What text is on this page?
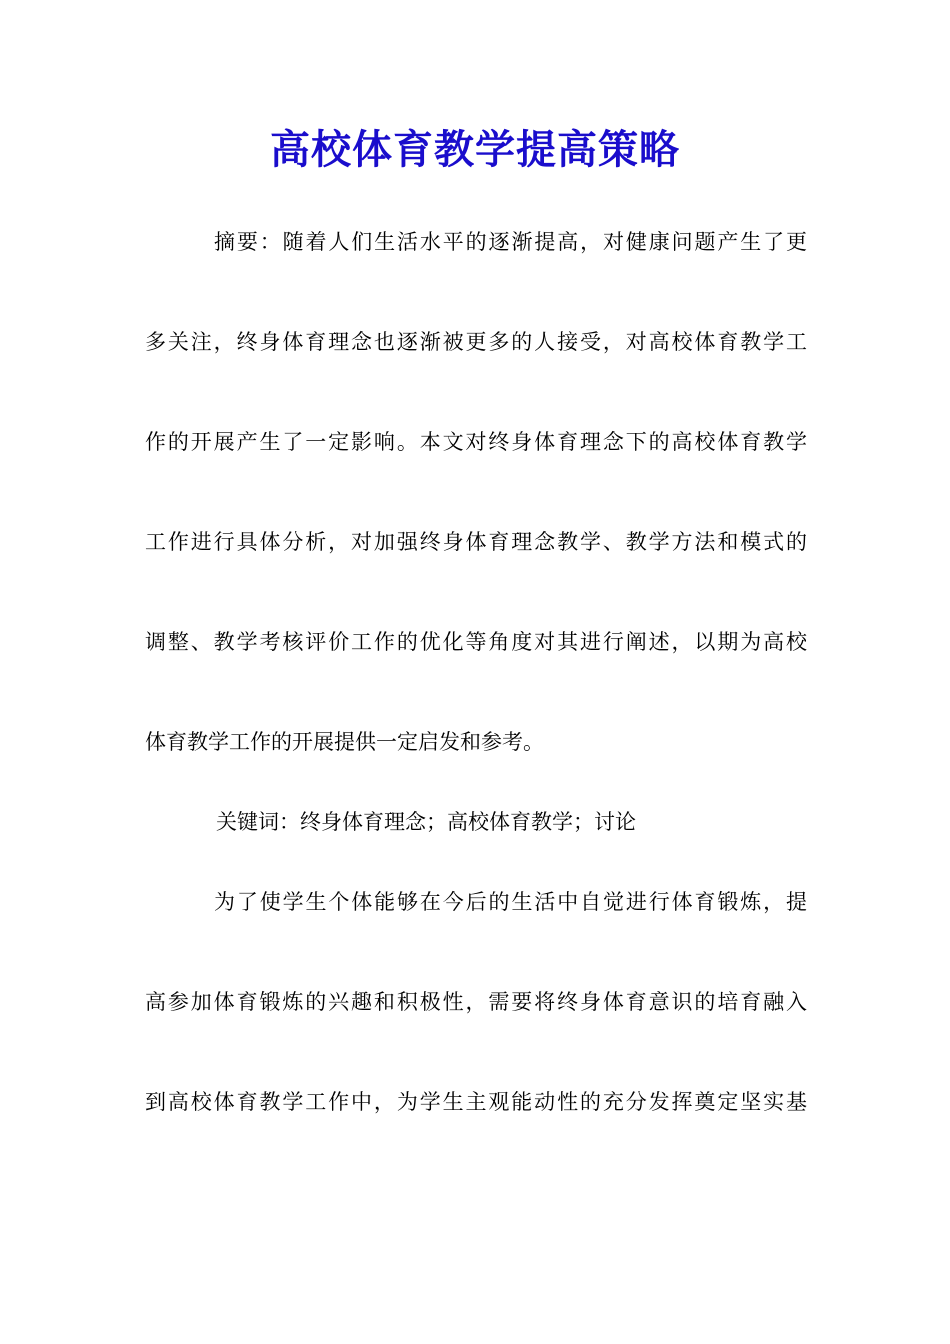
高校体育教学提高策略
摘要：随着人们生活水平的逐渐提高，对健康问题产生了更
多关注，终身体育理念也逐渐被更多的人接受，对高校体育教学工
作的开展产生了一定影响。本文对终身体育理念下的高校体育教学
工作进行具体分析，对加强终身体育理念教学、教学方法和模式的
调整、教学考核评价工作的优化等角度对其进行阐述，以期为高校
体育教学工作的开展提供一定启发和参考。
关键词：终身体育理念；高校体育教学；讨论
为了使学生个体能够在今后的生活中自觉进行体育锻炼，提
高参加体育锻炼的兴趣和积极性，需要将终身体育意识的培育融入
到高校体育教学工作中，为学生主观能动性的充分发挥奠定坚实基
